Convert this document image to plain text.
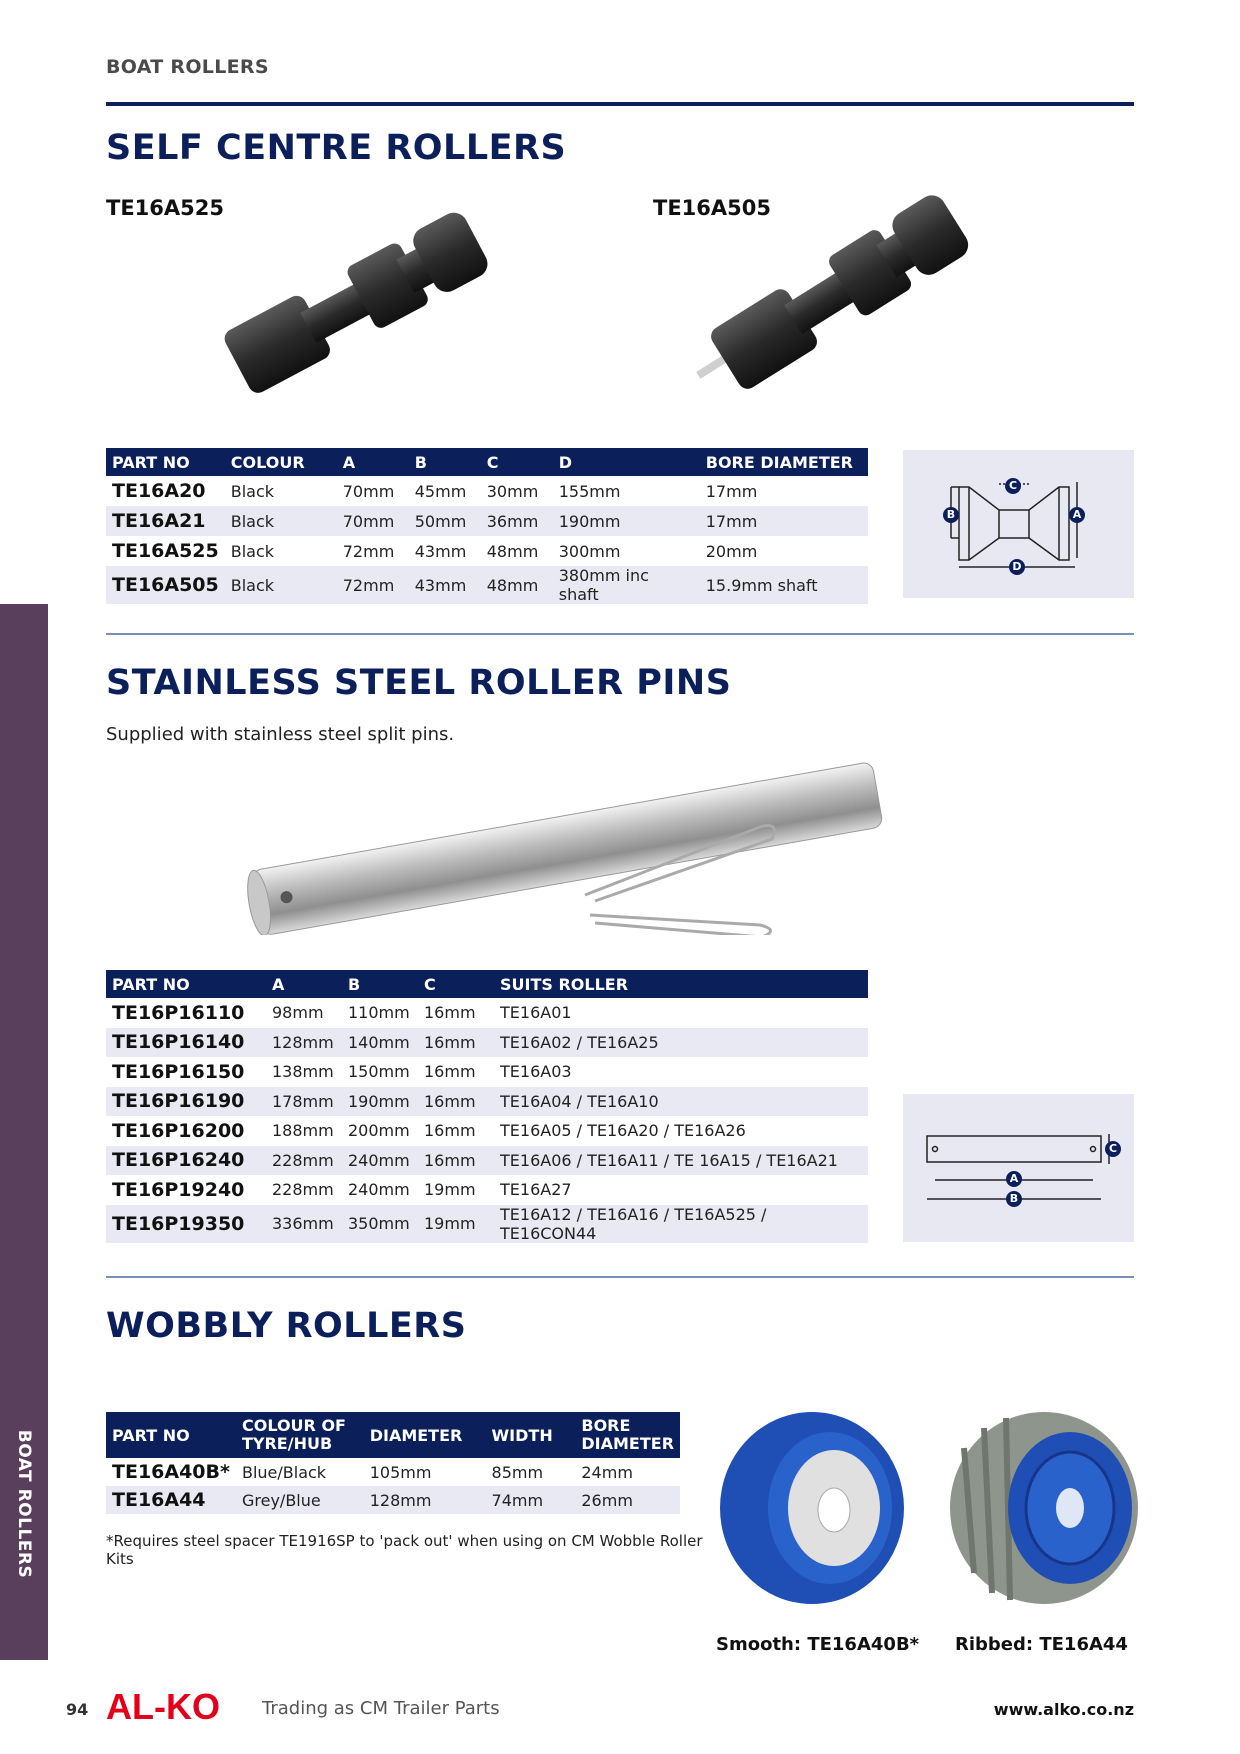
BOAT ROLLERS
BOAT ROLLERS
SELF CENTRE ROLLERS
TE16A525	TE16A505
PART NO	COLOUR	A	B	C	D	BORE DIAMETER
TE16A20	Black	70mm	45mm	30mm	155mm	17mm
TE16A21	Black	70mm	50mm	36mm	190mm	17mm
TE16A525	Black	72mm	43mm	48mm	300mm	20mm
TE16A505	Black	72mm	43mm	48mm	380mm inc shaft	15.9mm shaft
C
B	A
D
STAINLESS STEEL ROLLER PINS
Supplied with stainless steel split pins.
PART NO	A	B	C	SUITS ROLLER
TE16P16110	98mm	110mm	16mm	TE16A01
TE16P16140	128mm	140mm	16mm	TE16A02 / TE16A25
TE16P16150	138mm	150mm	16mm	TE16A03
TE16P16190	178mm	190mm	16mm	TE16A04 / TE16A10
TE16P16200	188mm	200mm	16mm	TE16A05 / TE16A20 / TE16A26
TE16P16240	228mm	240mm	16mm	TE16A06 / TE16A11 / TE 16A15 / TE16A21
TE16P19240	228mm	240mm	19mm	TE16A27
TE16P19350	336mm	350mm	19mm	TE16A12 / TE16A16 / TE16A525 / TE16CON44
C
A
B
WOBBLY ROLLERS
PART NO	COLOUR OF TYRE/HUB	DIAMETER	WIDTH	BORE DIAMETER
TE16A40B*	Blue/Black	105mm	85mm	24mm
TE16A44	Grey/Blue	128mm	74mm	26mm
*Requires steel spacer TE1916SP to 'pack out' when using on CM Wobble Roller Kits
Smooth: TE16A40B* Ribbed: TE16A44
94 AL-KO Trading as CM Trailer Parts	www.alko.co.nz
